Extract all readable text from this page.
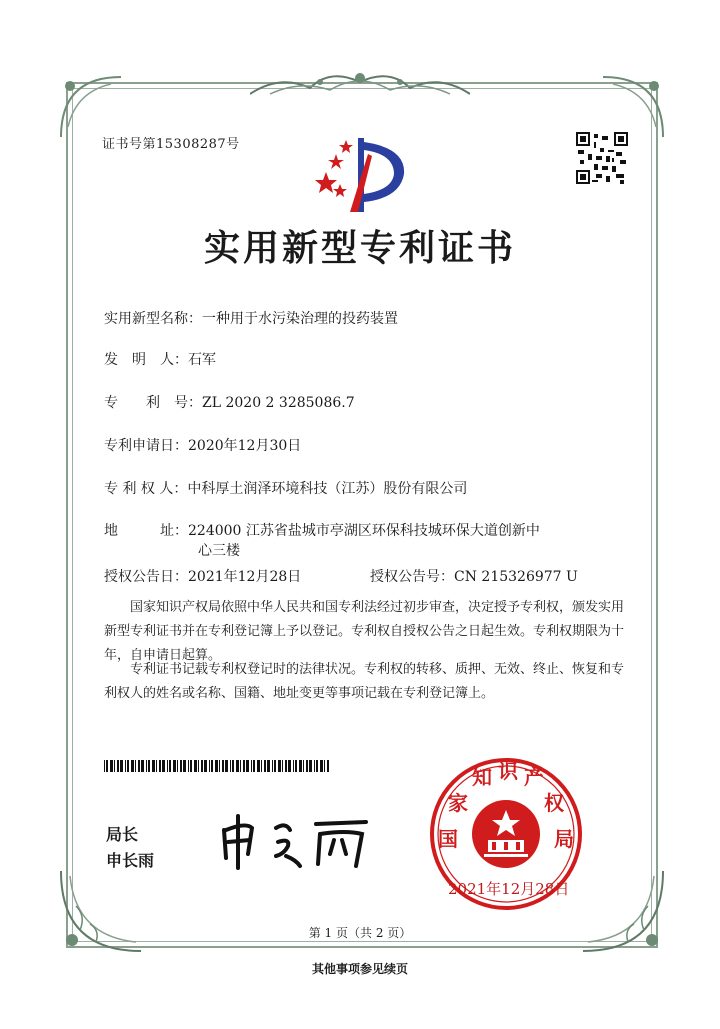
证书号第15308287号
实用新型专利证书
实用新型名称：一种用于水污染治理的投药装置
发　明　人：石军
专　　利　号：ZL 2020 2 3285086.7
专利申请日：2020年12月30日
专 利 权 人：中科厚土润泽环境科技（江苏）股份有限公司
地　　　址：224000 江苏省盐城市亭湖区环保科技城环保大道创新中
心三楼
授权公告日：2021年12月28日	授权公告号：CN 215326977 U
国家知识产权局依照中华人民共和国专利法经过初步审查，决定授予专利权，颁发实用新型专利证书并在专利登记簿上予以登记。专利权自授权公告之日起生效。专利权期限为十年，自申请日起算。
专利证书记载专利权登记时的法律状况。专利权的转移、质押、无效、终止、恢复和专利权人的姓名或名称、国籍、地址变更等事项记载在专利登记簿上。
局长
申长雨
国
家
知 识 产
权
局
2021年12月28日
第 1 页（共 2 页）
其他事项参见续页
